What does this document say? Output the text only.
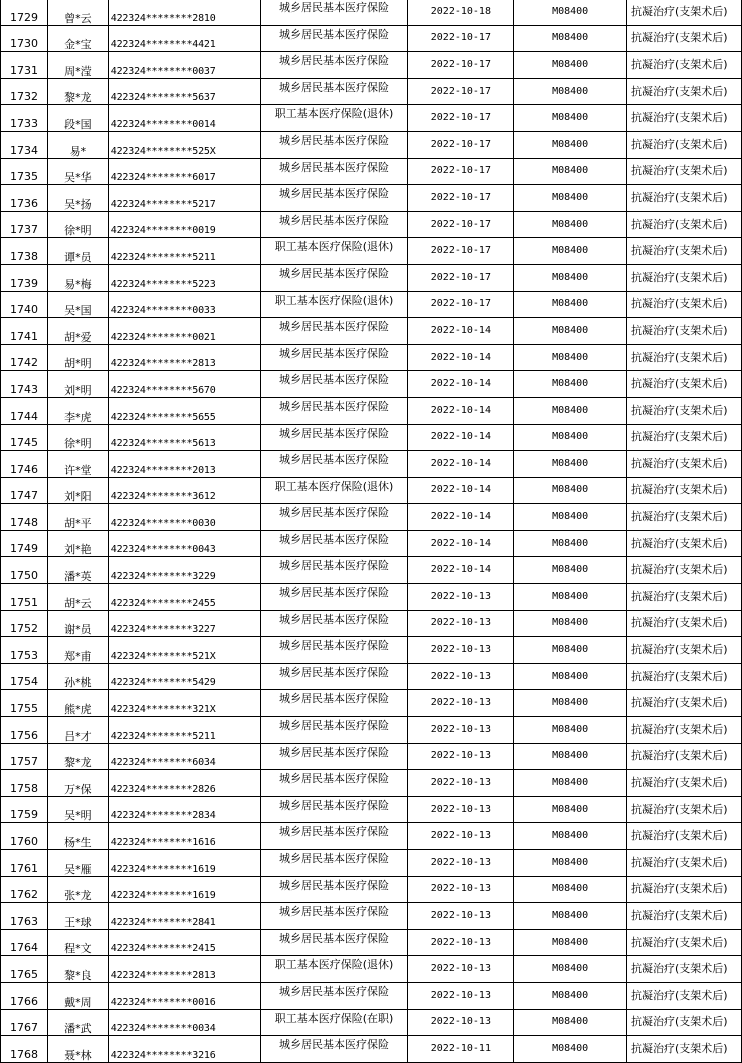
1729	曾*云	422324********2810	城乡居民基本医疗保险	2022-10-18	M08400	抗凝治疗(支架术后)

1730	金*宝	422324********4421	城乡居民基本医疗保险	2022-10-17	M08400	抗凝治疗(支架术后)

1731	周*滢	422324********0037	城乡居民基本医疗保险	2022-10-17	M08400	抗凝治疗(支架术后)

1732	黎*龙	422324********5637	城乡居民基本医疗保险	2022-10-17	M08400	抗凝治疗(支架术后)

1733	段*国	422324********0014	职工基本医疗保险(退休)	2022-10-17	M08400	抗凝治疗(支架术后)

1734	易*	422324********525X	城乡居民基本医疗保险	2022-10-17	M08400	抗凝治疗(支架术后)

1735	吴*华	422324********6017	城乡居民基本医疗保险	2022-10-17	M08400	抗凝治疗(支架术后)

1736	吴*扬	422324********5217	城乡居民基本医疗保险	2022-10-17	M08400	抗凝治疗(支架术后)

1737	徐*明	422324********0019	城乡居民基本医疗保险	2022-10-17	M08400	抗凝治疗(支架术后)

1738	谭*员	422324********5211	职工基本医疗保险(退休)	2022-10-17	M08400	抗凝治疗(支架术后)

1739	易*梅	422324********5223	城乡居民基本医疗保险	2022-10-17	M08400	抗凝治疗(支架术后)

1740	吴*国	422324********0033	职工基本医疗保险(退休)	2022-10-17	M08400	抗凝治疗(支架术后)

1741	胡*爱	422324********0021	城乡居民基本医疗保险	2022-10-14	M08400	抗凝治疗(支架术后)

1742	胡*明	422324********2813	城乡居民基本医疗保险	2022-10-14	M08400	抗凝治疗(支架术后)

1743	刘*明	422324********5670	城乡居民基本医疗保险	2022-10-14	M08400	抗凝治疗(支架术后)

1744	李*虎	422324********5655	城乡居民基本医疗保险	2022-10-14	M08400	抗凝治疗(支架术后)

1745	徐*明	422324********5613	城乡居民基本医疗保险	2022-10-14	M08400	抗凝治疗(支架术后)

1746	许*堂	422324********2013	城乡居民基本医疗保险	2022-10-14	M08400	抗凝治疗(支架术后)

1747	刘*阳	422324********3612	职工基本医疗保险(退休)	2022-10-14	M08400	抗凝治疗(支架术后)

1748	胡*平	422324********0030	城乡居民基本医疗保险	2022-10-14	M08400	抗凝治疗(支架术后)

1749	刘*艳	422324********0043	城乡居民基本医疗保险	2022-10-14	M08400	抗凝治疗(支架术后)

1750	潘*英	422324********3229	城乡居民基本医疗保险	2022-10-14	M08400	抗凝治疗(支架术后)

1751	胡*云	422324********2455	城乡居民基本医疗保险	2022-10-13	M08400	抗凝治疗(支架术后)

1752	谢*员	422324********3227	城乡居民基本医疗保险	2022-10-13	M08400	抗凝治疗(支架术后)

1753	郑*甫	422324********521X	城乡居民基本医疗保险	2022-10-13	M08400	抗凝治疗(支架术后)

1754	孙*桃	422324********5429	城乡居民基本医疗保险	2022-10-13	M08400	抗凝治疗(支架术后)

1755	熊*虎	422324********321X	城乡居民基本医疗保险	2022-10-13	M08400	抗凝治疗(支架术后)

1756	吕*才	422324********5211	城乡居民基本医疗保险	2022-10-13	M08400	抗凝治疗(支架术后)

1757	黎*龙	422324********6034	城乡居民基本医疗保险	2022-10-13	M08400	抗凝治疗(支架术后)

1758	万*保	422324********2826	城乡居民基本医疗保险	2022-10-13	M08400	抗凝治疗(支架术后)

1759	吴*明	422324********2834	城乡居民基本医疗保险	2022-10-13	M08400	抗凝治疗(支架术后)

1760	杨*生	422324********1616	城乡居民基本医疗保险	2022-10-13	M08400	抗凝治疗(支架术后)

1761	吴*雁	422324********1619	城乡居民基本医疗保险	2022-10-13	M08400	抗凝治疗(支架术后)

1762	张*龙	422324********1619	城乡居民基本医疗保险	2022-10-13	M08400	抗凝治疗(支架术后)

1763	王*球	422324********2841	城乡居民基本医疗保险	2022-10-13	M08400	抗凝治疗(支架术后)

1764	程*文	422324********2415	城乡居民基本医疗保险	2022-10-13	M08400	抗凝治疗(支架术后)

1765	黎*良	422324********2813	职工基本医疗保险(退休)	2022-10-13	M08400	抗凝治疗(支架术后)

1766	戴*周	422324********0016	城乡居民基本医疗保险	2022-10-13	M08400	抗凝治疗(支架术后)

1767	潘*武	422324********0034	职工基本医疗保险(在职)	2022-10-13	M08400	抗凝治疗(支架术后)

1768	聂*林	422324********3216	城乡居民基本医疗保险	2022-10-11	M08400	抗凝治疗(支架术后)
